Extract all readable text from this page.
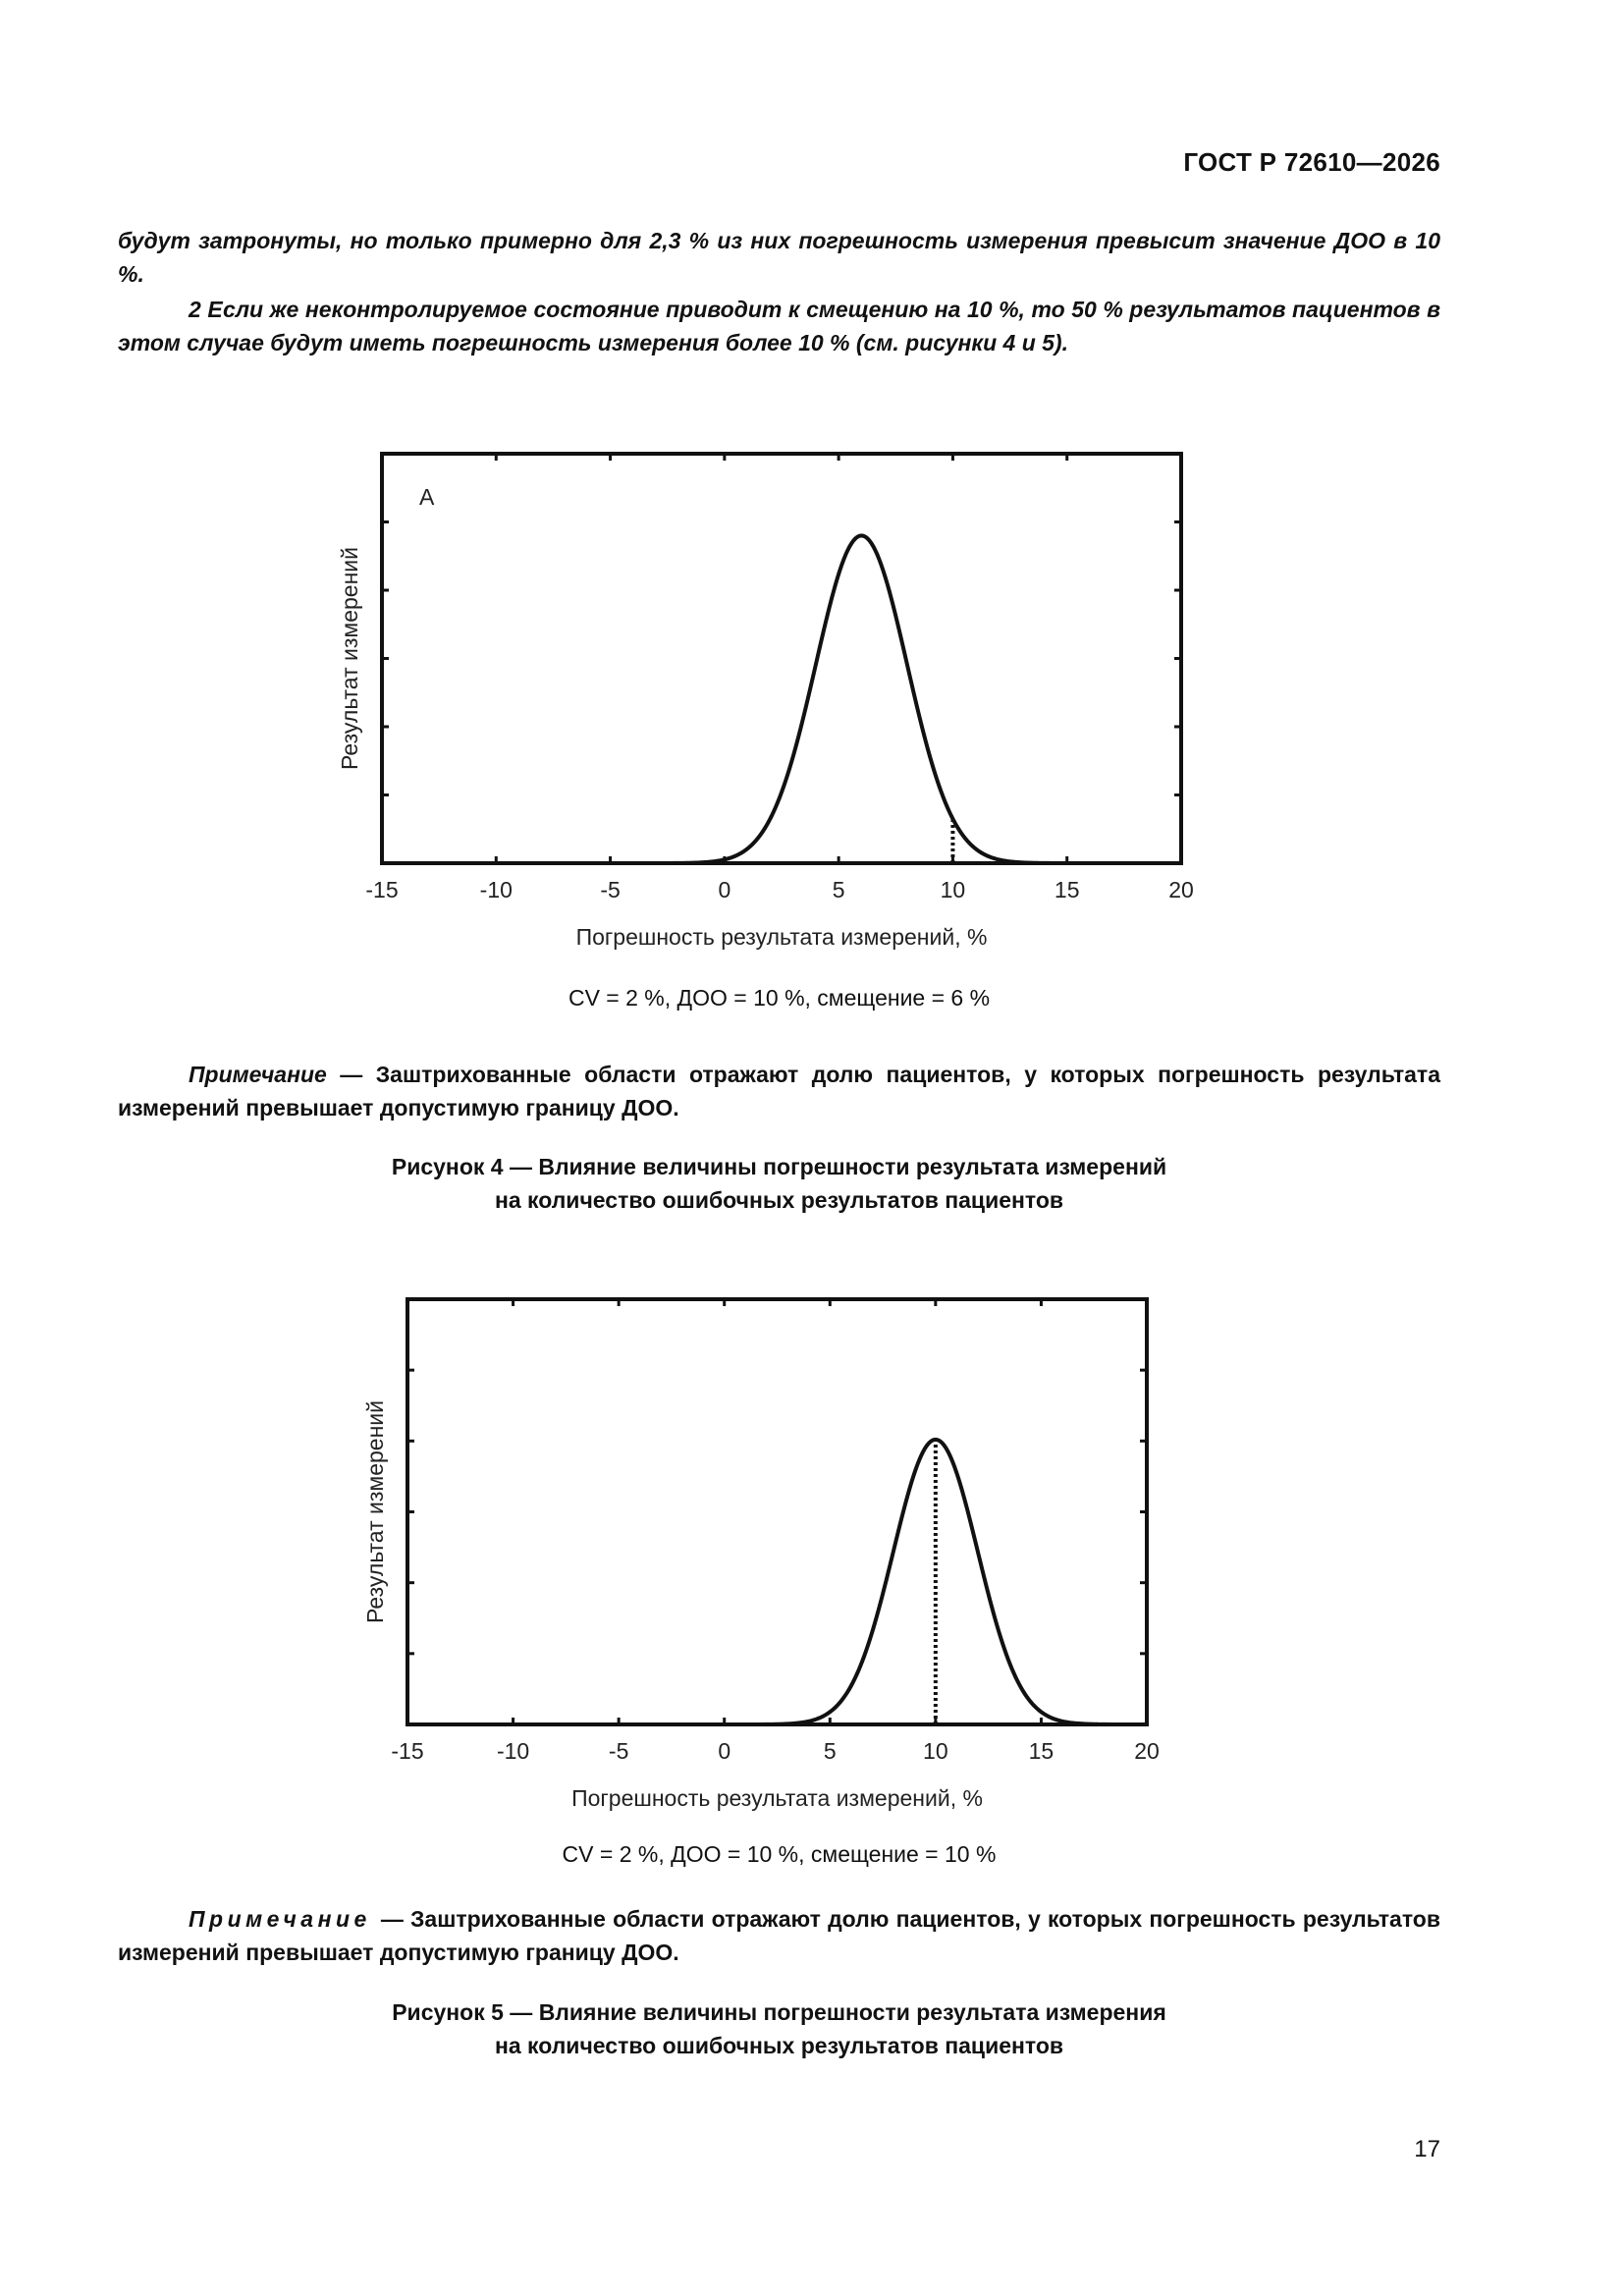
ГОСТ Р 72610—2026

будут затронуты, но только примерно для 2,3 % из них погрешность измерения превысит значение ДОО в 10 %.

2 Если же неконтролируемое состояние приводит к смещению на 10 %, то 50 % результатов пациентов в этом случае будут иметь погрешность измерения более 10 % (см. рисунки 4 и 5).

A
-15	-10	-5	0	5	10	15	20
Погрешность результата измерений, %
Результат измерений
CV = 2 %, ДОО = 10 %, смещение = 6 %

Примечание — Заштрихованные области отражают долю пациентов, у которых погрешность результата измерений превышает допустимую границу ДОО.

Рисунок 4 — Влияние величины погрешности результата измерений
на количество ошибочных результатов пациентов
-15	-10	-5	0	5	10	15	20
Погрешность результата измерений, %
Результат измерений
CV = 2 %, ДОО = 10 %, смещение = 10 %

Примечание — Заштрихованные области отражают долю пациентов, у которых погрешность результатов измерений превышает допустимую границу ДОО.

Рисунок 5 — Влияние величины погрешности результата измерения
на количество ошибочных результатов пациентов
17
